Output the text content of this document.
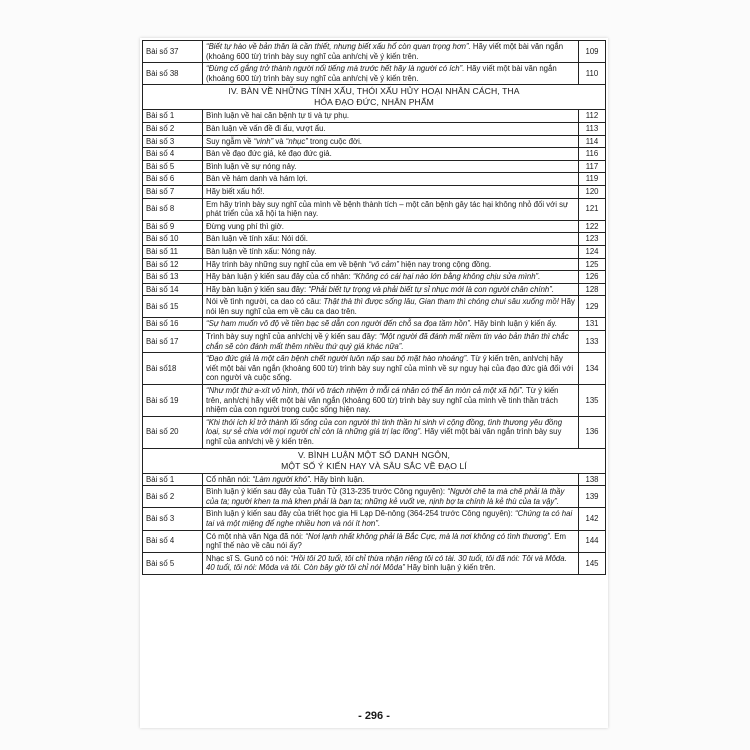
Bài số 37	“Biết tự hào về bản thân là cần thiết, nhưng biết xấu hổ còn quan trọng hơn”. Hãy viết một bài văn ngắn (khoảng 600 từ) trình bày suy nghĩ của anh/chị về ý kiến trên.	109
Bài số 38	“Đừng cố gắng trở thành người nổi tiếng mà trước hết hãy là người có ích”. Hãy viết một bài văn ngắn (khoảng 600 từ) trình bày suy nghĩ của anh/chị về ý kiến trên.	110

IV. BÀN VỀ NHỮNG TÍNH XẤU, THÓI XẤU HỦY HOẠI NHÂN CÁCH, THA
HÓA ĐẠO ĐỨC, NHÂN PHẨM		

Bài số 1	Bình luận về hai căn bệnh tự ti và tự phụ.	112
Bài số 2	Bàn luận về vấn đề đi ẩu, vượt ẩu.	113
Bài số 3	Suy ngẫm về “vinh” và “nhục” trong cuộc đời.	114
Bài số 4	Bàn về đạo đức giả, kẻ đạo đức giả.	116
Bài số 5	Bình luận về sự nóng nảy.	117
Bài số 6	Bàn về hám danh và hám lợi.	119
Bài số 7	Hãy biết xấu hổ!.	120
Bài số 8	Em hãy trình bày suy nghĩ của mình về bệnh thành tích – một căn bệnh gây tác hại không nhỏ đối với sự phát triển của xã hội ta hiện nay.	121
Bài số 9	Đừng vung phí thì giờ.	122
Bài số 10	Bàn luận về tính xấu: Nói dối.	123
Bài số 11	Bàn luận về tính xấu: Nóng nảy.	124
Bài số 12	Hãy trình bày những suy nghĩ của em về bệnh “vô cảm” hiện nay trong cộng đồng.	125
Bài số 13	Hãy bàn luận ý kiến sau đây của cổ nhân: “Không có cái hại nào lớn bằng không chịu sửa mình”.	126
Bài số 14	Hãy bàn luận ý kiến sau đây: “Phải biết tự trọng và phải biết tự sỉ nhục mới là con người chân chính”.	128
Bài số 15	Nói về tình người, ca dao có câu: Thật thà thì được sống lâu, Gian tham thì chóng chui sâu xuống mồ! Hãy nói lên suy nghĩ của em về câu ca dao trên.	129
Bài số 16	“Sự ham muốn vô độ về tiền bạc sẽ dẫn con người đến chỗ sa đọa tầm hồn”. Hãy bình luận ý kiến ấy.	131
Bài số 17	Trình bày suy nghĩ của anh/chị về ý kiến sau đây: “Một người đã đánh mất niềm tin vào bản thân thì chắc chắn sẽ còn đánh mất thêm nhiều thứ quý giá khác nữa”.	133
Bài số18	“Đạo đức giả là một căn bệnh chết người luôn nấp sau bộ mặt hào nhoáng”. Từ ý kiến trên, anh/chị hãy viết một bài văn ngắn (khoảng 600 từ) trình bày suy nghĩ của mình về sự nguy hại của đạo đức giả đối với con người và cuộc sống.	134
Bài số 19	“Như một thứ a-xít vô hình, thói vô trách nhiệm ở mỗi cá nhân có thể ăn mòn cả một xã hội”. Từ ý kiến trên, anh/chị hãy viết một bài văn ngắn (khoảng 600 từ) trình bày suy nghĩ của mình về tinh thần trách nhiệm của con người trong cuộc sống hiện nay.	135
Bài số 20	“Khi thói ích kỉ trở thành lối sống của con người thì tinh thần hi sinh vì cộng đồng, tình thương yêu đồng loại, sự sẻ chia với mọi người chỉ còn là những giá trị lạc lõng”. Hãy viết một bài văn ngắn trình bày suy nghĩ của anh/chị về ý kiến trên.	136

V. BÌNH LUẬN MỘT SỐ DANH NGÔN,
MỘT SỐ Ý KIẾN HAY VÀ SÂU SẮC VỀ ĐẠO LÍ		

Bài số 1	Cổ nhân nói: “Làm người khó”. Hãy bình luận.	138
Bài số 2	Bình luận ý kiến sau đây của Tuân Tử (313-235 trước Công nguyên): “Người chê ta mà chê phải là thầy của ta; người khen ta mà khen phải là bạn ta; những kẻ vuốt ve, nịnh bợ ta chính là kẻ thù của ta vậy”.	139
Bài số 3	Bình luận ý kiến sau đây của triết học gia Hi Lạp Dê-nông (364-254 trước Công nguyên): “Chúng ta có hai tai và một miệng để nghe nhiều hơn và nói ít hơn”.	142
Bài số 4	Có một nhà văn Nga đã nói: “Nơi lạnh nhất không phải là Bắc Cực, mà là nơi không có tình thương”. Em nghĩ thế nào về câu nói ấy?	144
Bài số 5	Nhạc sĩ S. Gunô có nói: “Hồi tôi 20 tuổi, tôi chỉ thừa nhận riêng tôi có tài. 30 tuổi, tôi đã nói: Tôi và Môda. 40 tuổi, tôi nói: Môda và tôi. Còn bây giờ tôi chỉ nói Môda” Hãy bình luận ý kiến trên.	145
- 296 -
